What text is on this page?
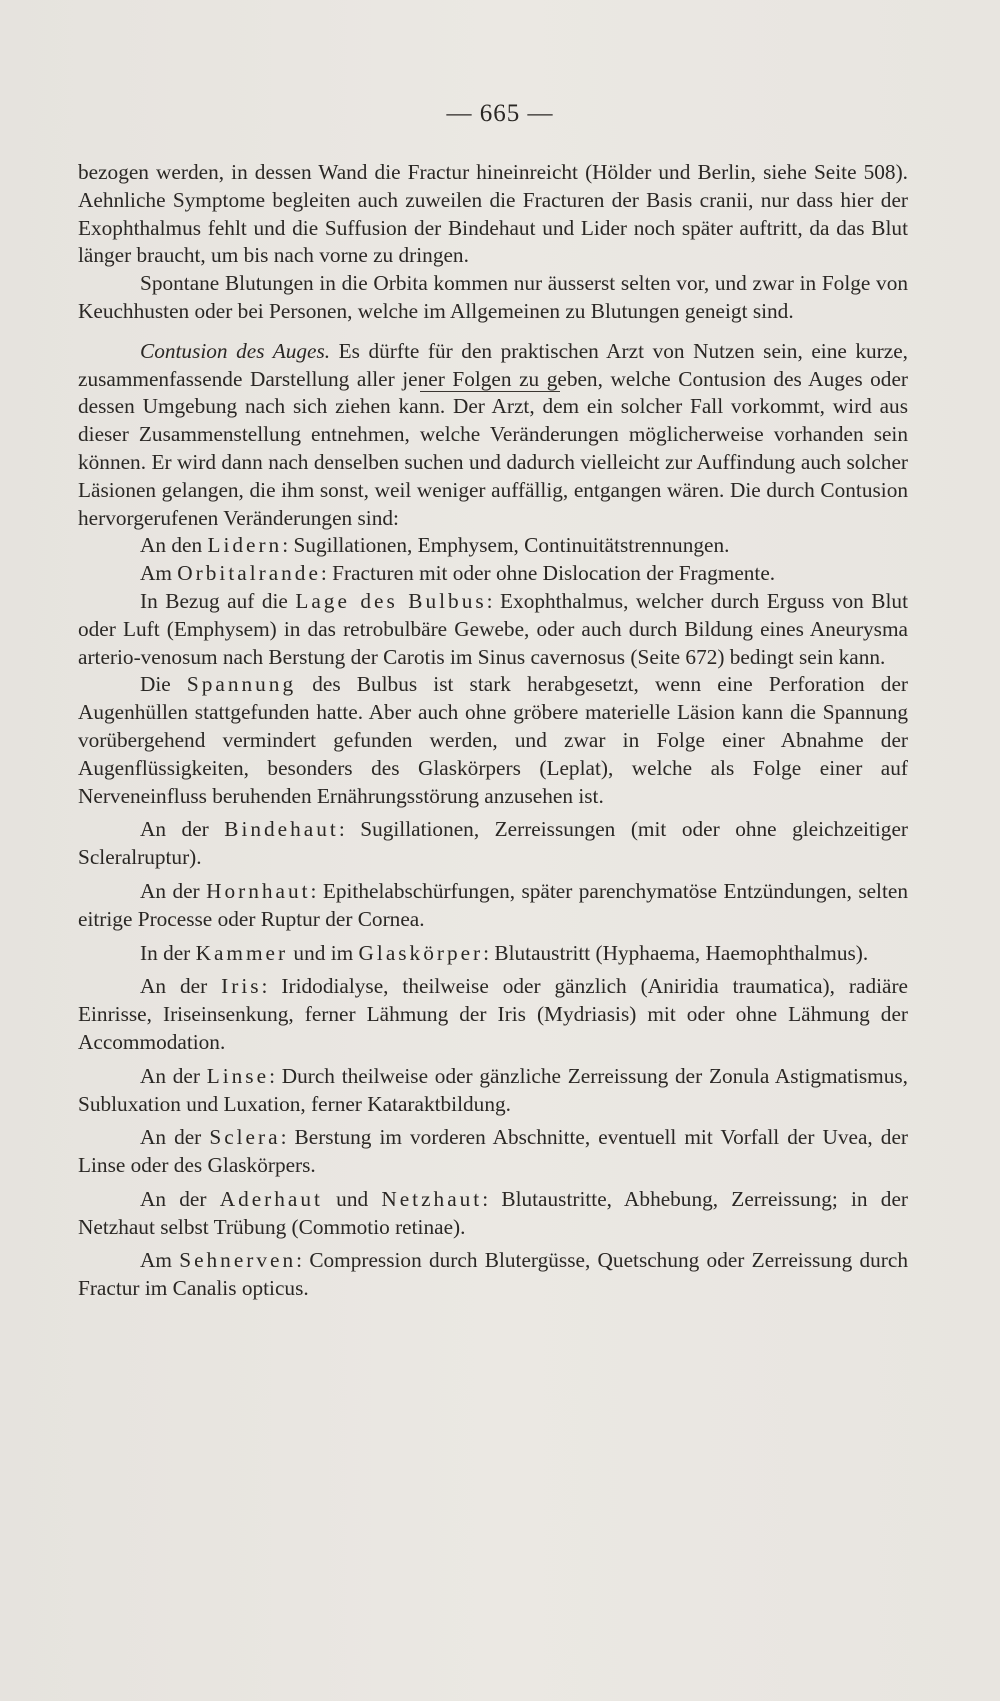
— 665 —

bezogen werden, in dessen Wand die Fractur hineinreicht (Hölder und Berlin, siehe Seite 508). Aehnliche Symptome begleiten auch zuweilen die Fracturen der Basis cranii, nur dass hier der Exophthalmus fehlt und die Suffusion der Bindehaut und Lider noch später auftritt, da das Blut länger braucht, um bis nach vorne zu dringen.

Spontane Blutungen in die Orbita kommen nur äusserst selten vor, und zwar in Folge von Keuchhusten oder bei Personen, welche im Allgemeinen zu Blutungen geneigt sind.

Contusion des Auges. Es dürfte für den praktischen Arzt von Nutzen sein, eine kurze, zusammenfassende Darstellung aller jener Folgen zu geben, welche Contusion des Auges oder dessen Umgebung nach sich ziehen kann. Der Arzt, dem ein solcher Fall vorkommt, wird aus dieser Zusammenstellung entnehmen, welche Veränderungen möglicherweise vorhanden sein können. Er wird dann nach denselben suchen und dadurch vielleicht zur Auffindung auch solcher Läsionen gelangen, die ihm sonst, weil weniger auffällig, entgangen wären. Die durch Contusion hervorgerufenen Veränderungen sind:

An den Lidern: Sugillationen, Emphysem, Continuitätstrennungen.

Am Orbitalrande: Fracturen mit oder ohne Dislocation der Fragmente.

In Bezug auf die Lage des Bulbus: Exophthalmus, welcher durch Erguss von Blut oder Luft (Emphysem) in das retrobulbäre Gewebe, oder auch durch Bildung eines Aneurysma arterio-venosum nach Berstung der Carotis im Sinus cavernosus (Seite 672) bedingt sein kann.

Die Spannung des Bulbus ist stark herabgesetzt, wenn eine Perforation der Augenhüllen stattgefunden hatte. Aber auch ohne gröbere materielle Läsion kann die Spannung vorübergehend vermindert gefunden werden, und zwar in Folge einer Abnahme der Augenflüssigkeiten, besonders des Glaskörpers (Leplat), welche als Folge einer auf Nerveneinfluss beruhenden Ernährungsstörung anzusehen ist.

An der Bindehaut: Sugillationen, Zerreissungen (mit oder ohne gleichzeitiger Scleralruptur).

An der Hornhaut: Epithelabschürfungen, später parenchymatöse Entzündungen, selten eitrige Processe oder Ruptur der Cornea.

In der Kammer und im Glaskörper: Blutaustritt (Hyphaema, Haemophthalmus).

An der Iris: Iridodialyse, theilweise oder gänzlich (Aniridia traumatica), radiäre Einrisse, Iriseinsenkung, ferner Lähmung der Iris (Mydriasis) mit oder ohne Lähmung der Accommodation.

An der Linse: Durch theilweise oder gänzliche Zerreissung der Zonula Astigmatismus, Subluxation und Luxation, ferner Kataraktbildung.

An der Sclera: Berstung im vorderen Abschnitte, eventuell mit Vorfall der Uvea, der Linse oder des Glaskörpers.

An der Aderhaut und Netzhaut: Blutaustritte, Abhebung, Zerreissung; in der Netzhaut selbst Trübung (Commotio retinae).

Am Sehnerven: Compression durch Blutergüsse, Quetschung oder Zerreissung durch Fractur im Canalis opticus.
